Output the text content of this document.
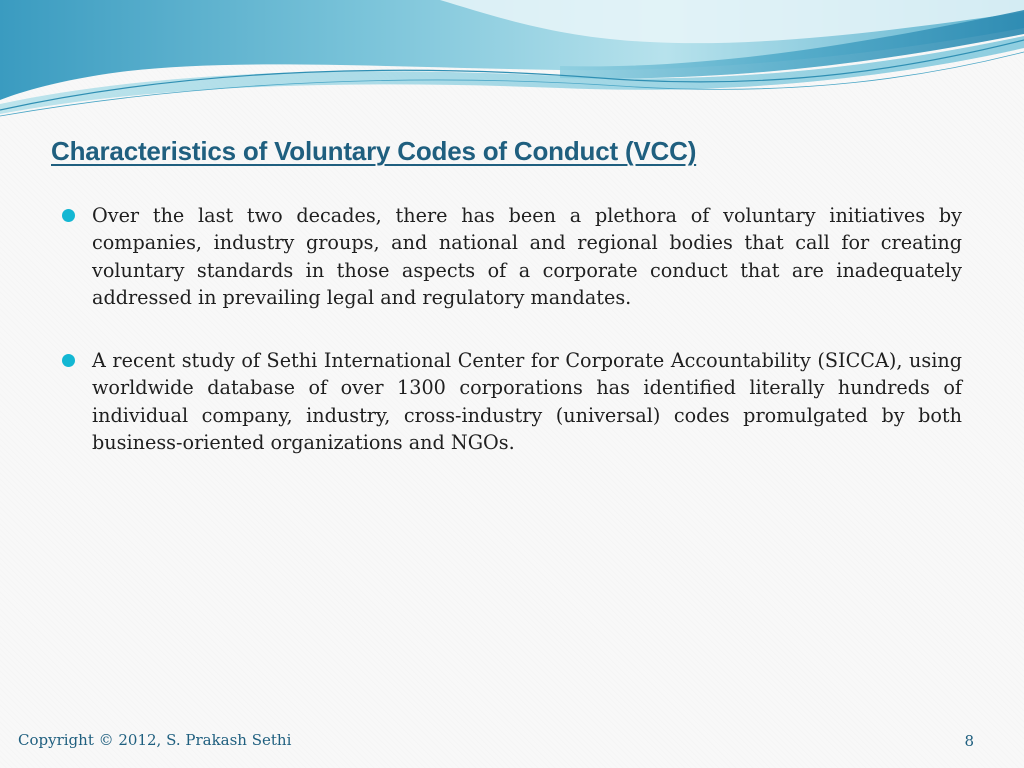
Characteristics of Voluntary Codes of Conduct (VCC)
Over the last two decades, there has been a plethora of voluntary initiatives by companies, industry groups, and national and regional bodies that call for creating voluntary standards in those aspects of a corporate conduct that are inadequately addressed in prevailing legal and regulatory mandates.
A recent study of Sethi International Center for Corporate Accountability (SICCA), using worldwide database of over 1300 corporations has identified literally hundreds of individual company, industry, cross-industry (universal) codes promulgated by both business-oriented organizations and NGOs.
Copyright © 2012, S. Prakash Sethi	8
